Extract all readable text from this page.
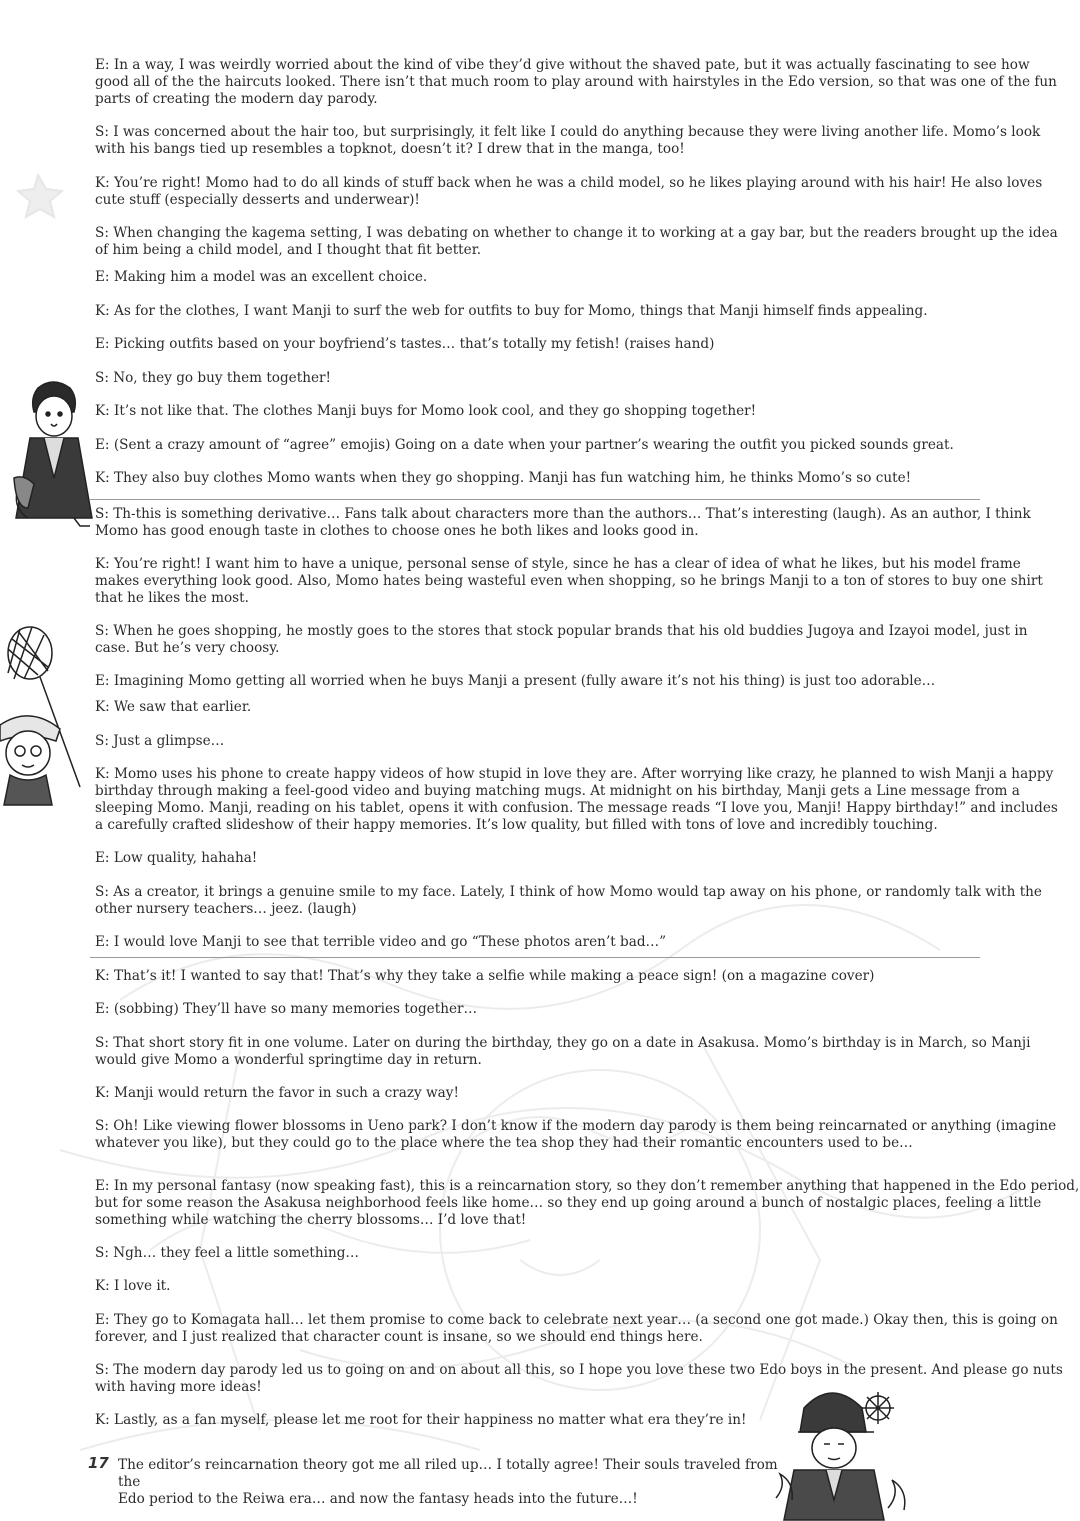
E: In a way, I was weirdly worried about the kind of vibe they’d give without the shaved pate, but it was actually fascinating to see how
good all of the the haircuts looked. There isn’t that much room to play around with hairstyles in the Edo version, so that was one of the fun
parts of creating the modern day parody.

S: I was concerned about the hair too, but surprisingly, it felt like I could do anything because they were living another life. Momo’s look
with his bangs tied up resembles a topknot, doesn’t it? I drew that in the manga, too!

K: You’re right! Momo had to do all kinds of stuff back when he was a child model, so he likes playing around with his hair! He also loves
cute stuff (especially desserts and underwear)!

S: When changing the kagema setting, I was debating on whether to change it to working at a gay bar, but the readers brought up the idea
of him being a child model, and I thought that fit better.

E: Making him a model was an excellent choice.

K: As for the clothes, I want Manji to surf the web for outfits to buy for Momo, things that Manji himself finds appealing.

E: Picking outfits based on your boyfriend’s tastes… that’s totally my fetish! (raises hand)

S: No, they go buy them together!

K: It’s not like that. The clothes Manji buys for Momo look cool, and they go shopping together!

E: (Sent a crazy amount of “agree” emojis) Going on a date when your partner’s wearing the outfit you picked sounds great.

K: They also buy clothes Momo wants when they go shopping. Manji has fun watching him, he thinks Momo’s so cute!

S: Th-this is something derivative… Fans talk about characters more than the authors… That’s interesting (laugh). As an author, I think
Momo has good enough taste in clothes to choose ones he both likes and looks good in.

K: You’re right! I want him to have a unique, personal sense of style, since he has a clear of idea of what he likes, but his model frame
makes everything look good. Also, Momo hates being wasteful even when shopping, so he brings Manji to a ton of stores to buy one shirt
that he likes the most.

S: When he goes shopping, he mostly goes to the stores that stock popular brands that his old buddies Jugoya and Izayoi model, just in
case. But he’s very choosy.

E: Imagining Momo getting all worried when he buys Manji a present (fully aware it’s not his thing) is just too adorable…

K: We saw that earlier.

S: Just a glimpse…

K: Momo uses his phone to create happy videos of how stupid in love they are. After worrying like crazy, he planned to wish Manji a happy
birthday through making a feel-good video and buying matching mugs. At midnight on his birthday, Manji gets a Line message from a
sleeping Momo. Manji, reading on his tablet, opens it with confusion. The message reads “I love you, Manji! Happy birthday!” and includes
a carefully crafted slideshow of their happy memories. It’s low quality, but filled with tons of love and incredibly touching.

E: Low quality, hahaha!

S: As a creator, it brings a genuine smile to my face. Lately, I think of how Momo would tap away on his phone, or randomly talk with the
other nursery teachers… jeez. (laugh)

E: I would love Manji to see that terrible video and go “These photos aren’t bad…”

K: That’s it! I wanted to say that! That’s why they take a selfie while making a peace sign! (on a magazine cover)

E: (sobbing) They’ll have so many memories together…

S: That short story fit in one volume. Later on during the birthday, they go on a date in Asakusa. Momo’s birthday is in March, so Manji
would give Momo a wonderful springtime day in return.

K: Manji would return the favor in such a crazy way!

S: Oh! Like viewing flower blossoms in Ueno park? I don’t know if the modern day parody is them being reincarnated or anything (imagine
whatever you like), but they could go to the place where the tea shop they had their romantic encounters used to be…

E: In my personal fantasy (now speaking fast), this is a reincarnation story, so they don’t remember anything that happened in the Edo period,
but for some reason the Asakusa neighborhood feels like home… so they end up going around a bunch of nostalgic places, feeling a little
something while watching the cherry blossoms… I’d love that!

S: Ngh… they feel a little something…

K: I love it.

E: They go to Komagata hall… let them promise to come back to celebrate next year… (a second one got made.) Okay then, this is going on
forever, and I just realized that character count is insane, so we should end things here.

S: The modern day parody led us to going on and on about all this, so I hope you love these two Edo boys in the present. And please go nuts
with having more ideas!

K: Lastly, as a fan myself, please let me root for their happiness no matter what era they’re in!

17 The editor’s reincarnation theory got me all riled up… I totally agree! Their souls traveled from the
Edo period to the Reiwa era… and now the fantasy heads into the future…!
